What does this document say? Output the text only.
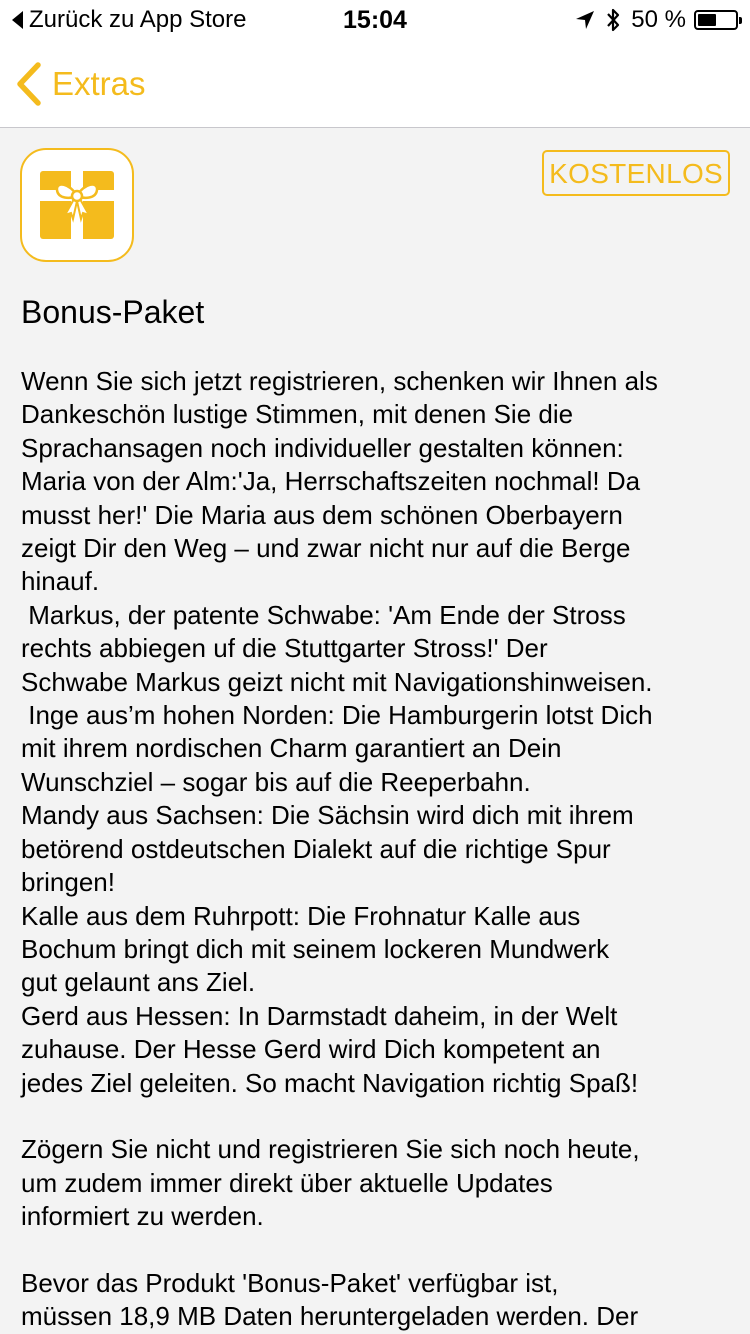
Zurück zu App Store	15:04	50 %
Extras
KOSTENLOS
Bonus-Paket

Wenn Sie sich jetzt registrieren, schenken wir Ihnen als
Dankeschön lustige Stimmen, mit denen Sie die
Sprachansagen noch individueller gestalten können:
Maria von der Alm:'Ja, Herrschaftszeiten nochmal! Da
musst her!' Die Maria aus dem schönen Oberbayern
zeigt Dir den Weg – und zwar nicht nur auf die Berge
hinauf.
Markus, der patente Schwabe: 'Am Ende der Stross
rechts abbiegen uf die Stuttgarter Stross!' Der
Schwabe Markus geizt nicht mit Navigationshinweisen.
Inge aus’m hohen Norden: Die Hamburgerin lotst Dich
mit ihrem nordischen Charm garantiert an Dein
Wunschziel – sogar bis auf die Reeperbahn.
Mandy aus Sachsen: Die Sächsin wird dich mit ihrem
betörend ostdeutschen Dialekt auf die richtige Spur
bringen!
Kalle aus dem Ruhrpott: Die Frohnatur Kalle aus
Bochum bringt dich mit seinem lockeren Mundwerk
gut gelaunt ans Ziel.
Gerd aus Hessen: In Darmstadt daheim, in der Welt
zuhause. Der Hesse Gerd wird Dich kompetent an
jedes Ziel geleiten. So macht Navigation richtig Spaß!

Zögern Sie nicht und registrieren Sie sich noch heute,
um zudem immer direkt über aktuelle Updates
informiert zu werden.

Bevor das Produkt 'Bonus-Paket' verfügbar ist,
müssen 18,9 MB Daten heruntergeladen werden. Der
